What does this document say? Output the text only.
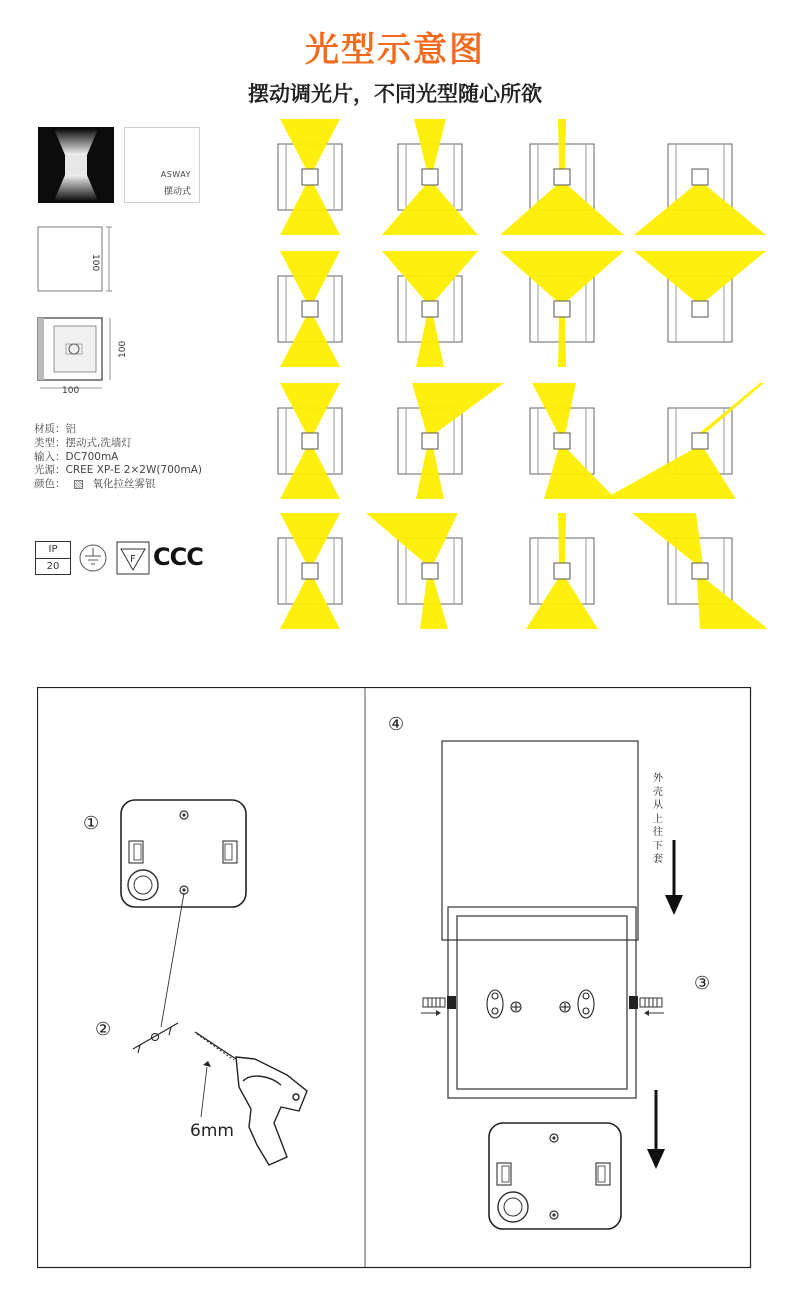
光型示意图
摆动调光片，不同光型随心所欲
ASWAY
摆动式
100
100
100
材质：铝
类型：摆动式,洗墙灯
输入：DC700mA
光源：CREE XP-E 2×2W(700mA)
颜色：	氧化拉丝雾银
IP
20
F CCC
①
②
③
④
6mm
外壳从上往下套
